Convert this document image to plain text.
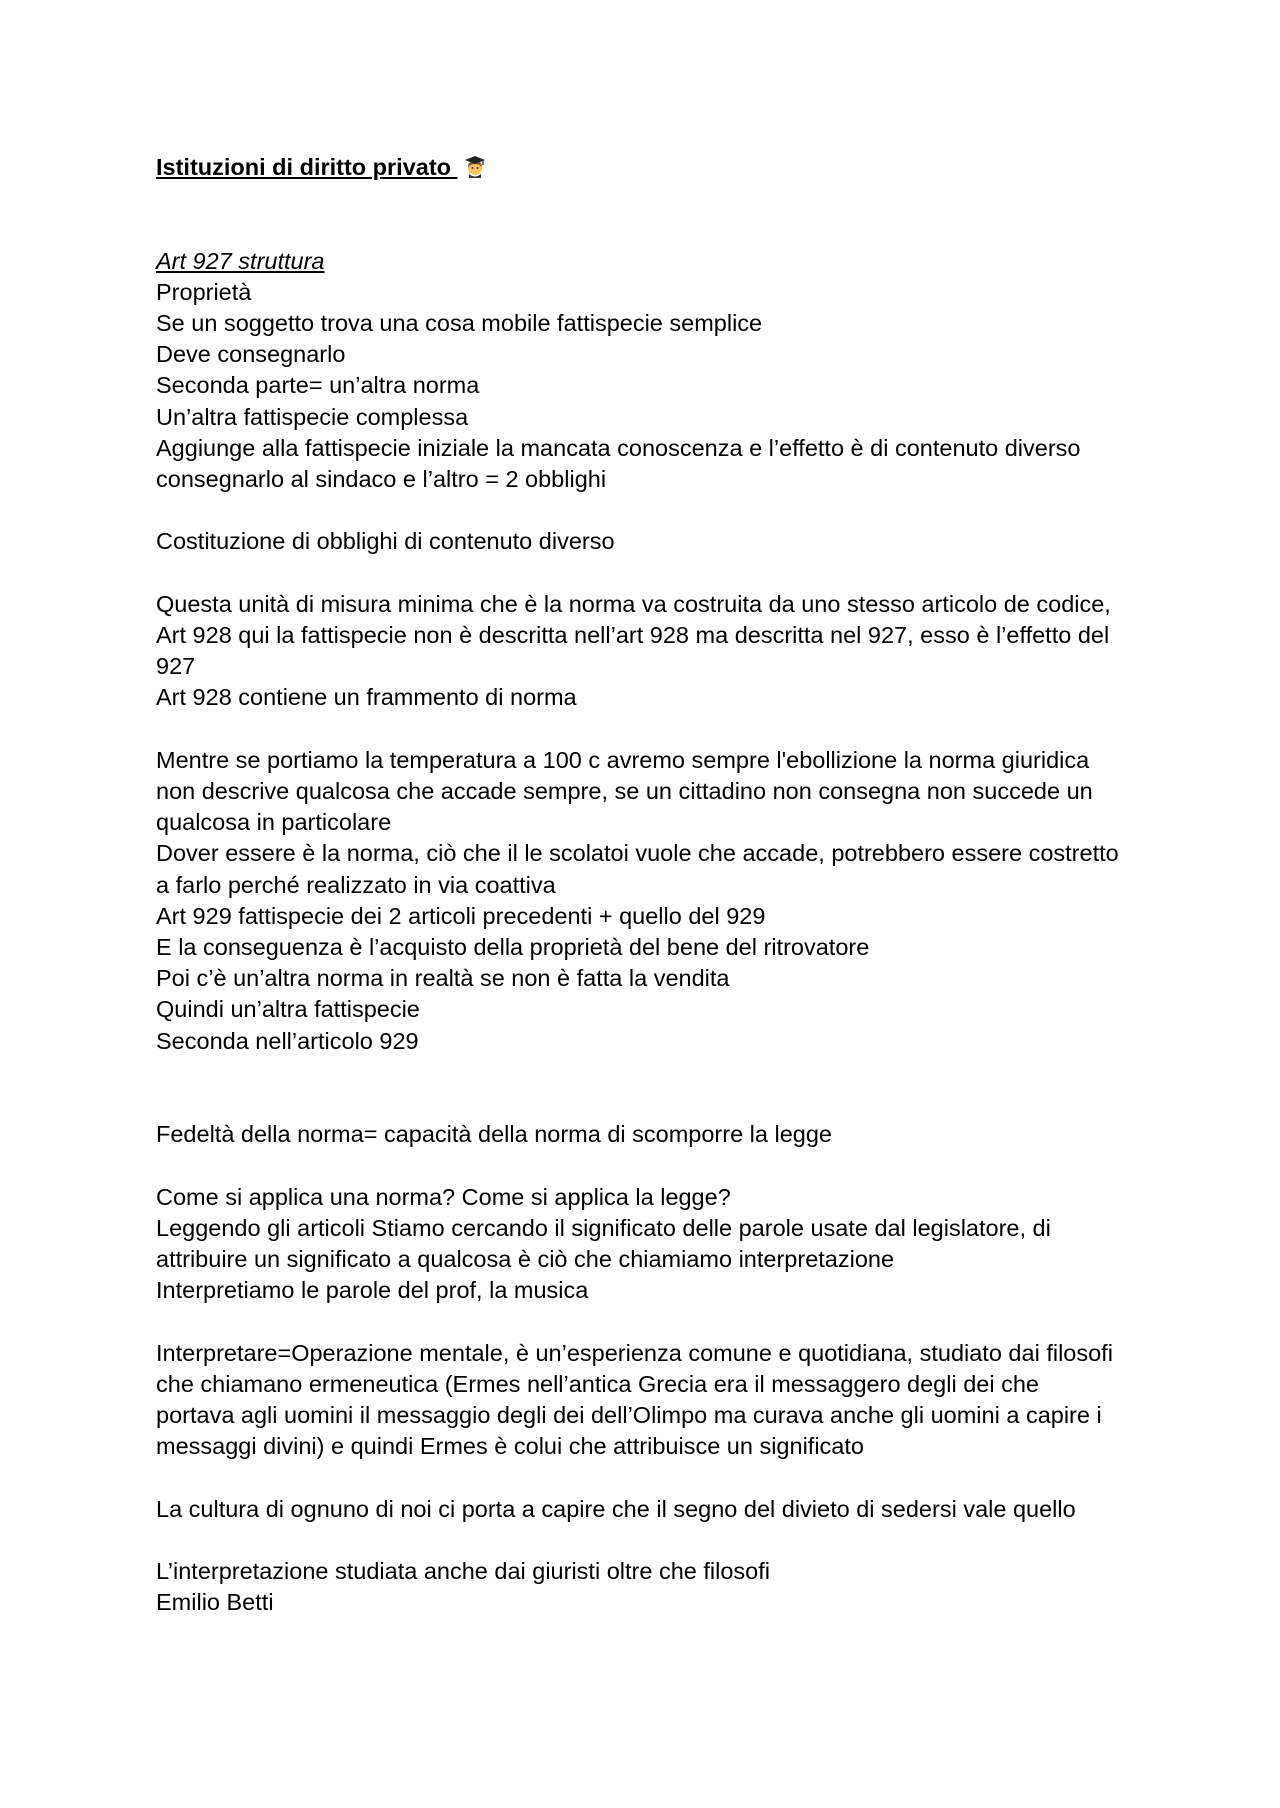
Istituzioni di diritto privato

Art 927 struttura

Proprietà

Se un soggetto trova una cosa mobile fattispecie semplice

Deve consegnarlo

Seconda parte= un’altra norma

Un’altra fattispecie complessa

Aggiunge alla fattispecie iniziale la mancata conoscenza e l’effetto è di contenuto diverso

consegnarlo al sindaco e l’altro = 2 obblighi

Costituzione di obblighi di contenuto diverso

Questa unità di misura minima che è la norma va costruita da uno stesso articolo de codice,

Art 928 qui la fattispecie non è descritta nell’art 928 ma descritta nel 927, esso è l’effetto del

927

Art 928 contiene un frammento di norma

Mentre se portiamo la temperatura a 100 c avremo sempre l'ebollizione la norma giuridica

non descrive qualcosa che accade sempre, se un cittadino non consegna non succede un

qualcosa in particolare

Dover essere è la norma, ciò che il le scolatoi vuole che accade, potrebbero essere costretto

a farlo perché realizzato in via coattiva

Art 929 fattispecie dei 2 articoli precedenti + quello del 929

E la conseguenza è l’acquisto della proprietà del bene del ritrovatore

Poi c’è un’altra norma in realtà se non è fatta la vendita

Quindi un’altra fattispecie

Seconda nell’articolo 929

Fedeltà della norma= capacità della norma di scomporre la legge

Come si applica una norma? Come si applica la legge?

Leggendo gli articoli Stiamo cercando il significato delle parole usate dal legislatore, di

attribuire un significato a qualcosa è ciò che chiamiamo interpretazione

Interpretiamo le parole del prof, la musica

Interpretare=Operazione mentale, è un’esperienza comune e quotidiana, studiato dai filosofi

che chiamano ermeneutica (Ermes nell’antica Grecia era il messaggero degli dei che

portava agli uomini il messaggio degli dei dell’Olimpo ma curava anche gli uomini a capire i

messaggi divini) e quindi Ermes è colui che attribuisce un significato

La cultura di ognuno di noi ci porta a capire che il segno del divieto di sedersi vale quello

L’interpretazione studiata anche dai giuristi oltre che filosofi

Emilio Betti
